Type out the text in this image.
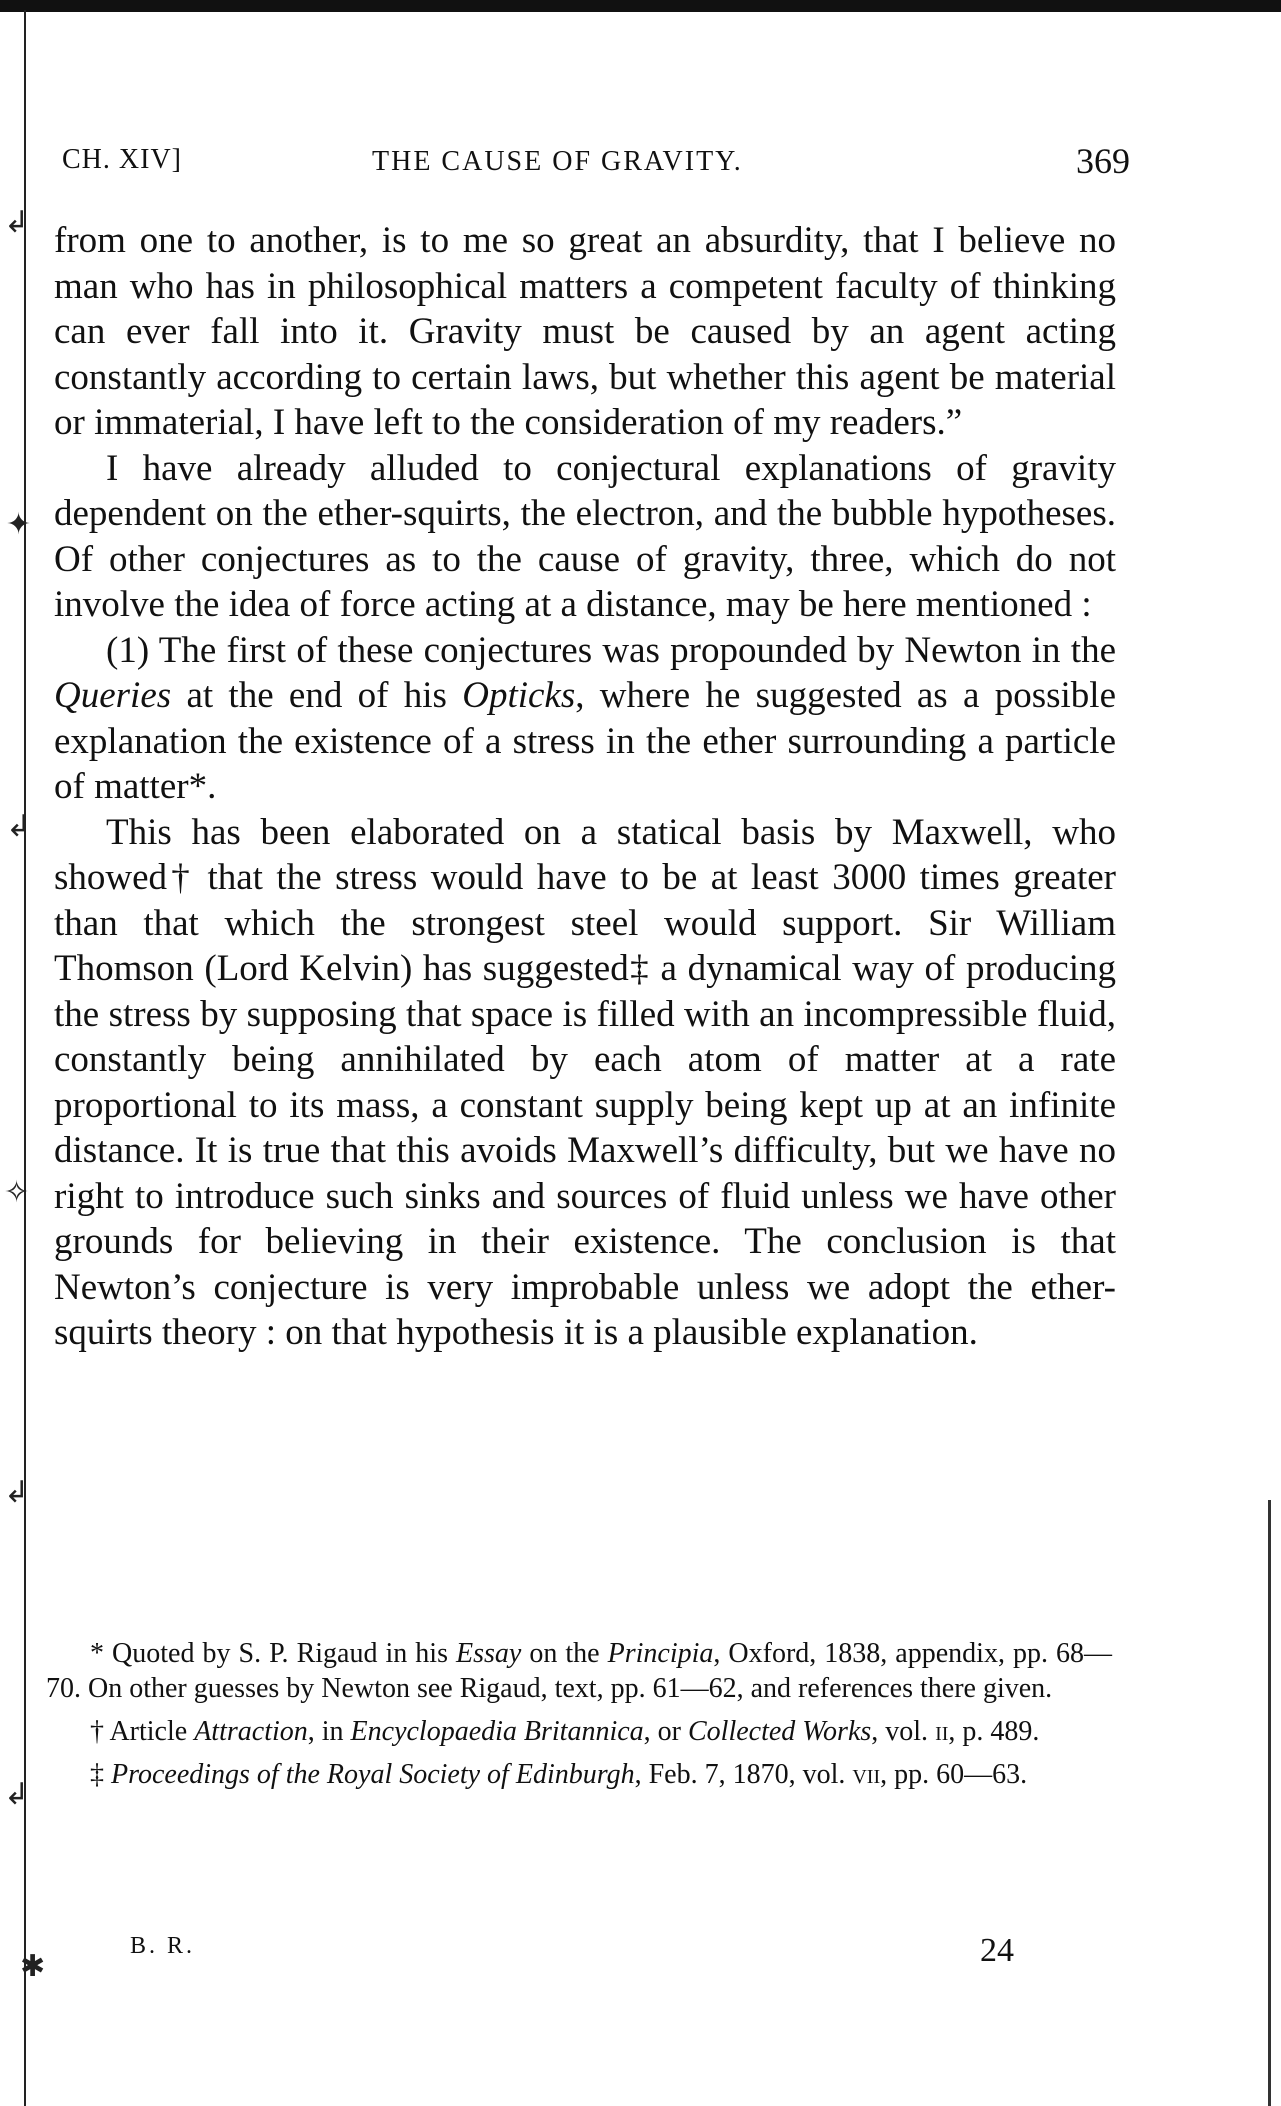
↲
✦
↲
✧
↲
↲
✱
CH. XIV]	THE CAUSE OF GRAVITY.	369

from one to another, is to me so great an absurdity, that I believe no man who has in philosophical matters a competent faculty of thinking can ever fall into it. Gravity must be caused by an agent acting constantly according to certain laws, but whether this agent be material or immaterial, I have left to the consideration of my readers.”

I have already alluded to conjectural explanations of gravity dependent on the ether-squirts, the electron, and the bubble hypotheses. Of other conjectures as to the cause of gravity, three, which do not involve the idea of force acting at a distance, may be here mentioned :

(1) The first of these conjectures was propounded by Newton in the Queries at the end of his Opticks, where he suggested as a possible explanation the existence of a stress in the ether surrounding a particle of matter*.

This has been elaborated on a statical basis by Maxwell, who showed† that the stress would have to be at least 3000 times greater than that which the strongest steel would support. Sir William Thomson (Lord Kelvin) has suggested‡ a dynamical way of producing the stress by supposing that space is filled with an incompressible fluid, constantly being annihilated by each atom of matter at a rate proportional to its mass, a constant supply being kept up at an infinite distance. It is true that this avoids Maxwell’s difficulty, but we have no right to introduce such sinks and sources of fluid unless we have other grounds for believing in their existence. The conclusion is that Newton’s conjecture is very improbable unless we adopt the ether-squirts theory : on that hypothesis it is a plausible explanation.

* Quoted by S. P. Rigaud in his Essay on the Principia, Oxford, 1838, appendix, pp. 68—70. On other guesses by Newton see Rigaud, text, pp. 61—62, and references there given.

† Article Attraction, in Encyclopaedia Britannica, or Collected Works, vol. ii, p. 489.

‡ Proceedings of the Royal Society of Edinburgh, Feb. 7, 1870, vol. vii, pp. 60—63.

B. R.	24
